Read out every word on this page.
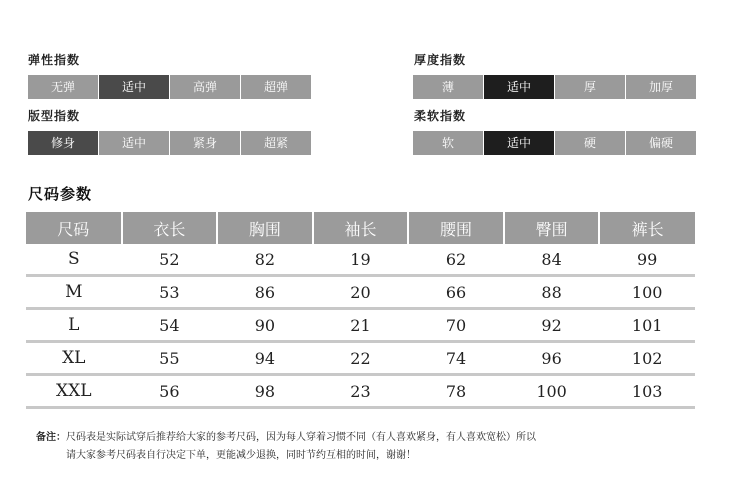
弹性指数
无弹	适中	高弹	超弹
版型指数
修身	适中	紧身	超紧
厚度指数
薄	适中	厚	加厚
柔软指数
软	适中	硬	偏硬
尺码参数
尺码	衣长	胸围	袖长	腰围	臀围	裤长
S	52	82	19	62	84	99
M	53	86	20	66	88	100
L	54	90	21	70	92	101
XL	55	94	22	74	96	102
XXL	56	98	23	78	100	103
备注：尺码表是实际试穿后推荐给大家的参考尺码，因为每人穿着习惯不同（有人喜欢紧身，有人喜欢宽松）所以
请大家参考尺码表自行决定下单，更能减少退换，同时节约互相的时间，谢谢！
